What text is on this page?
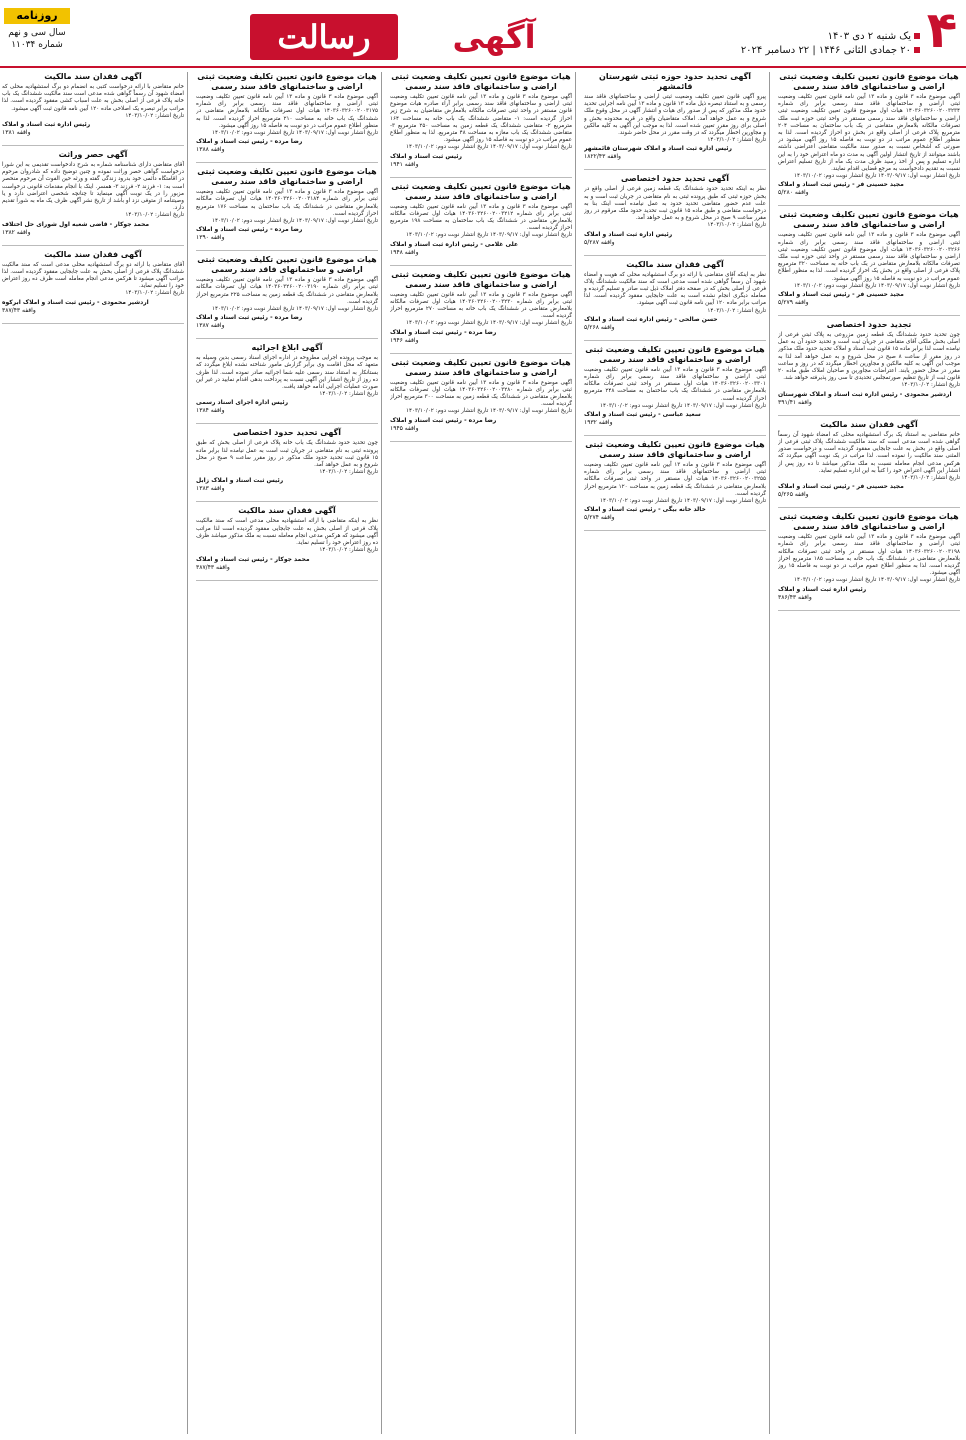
۴
یک شنبه ۲ دی ۱۴۰۳
۲۰ جمادی الثانی ۱۴۴۶ | ۲۲ دسامبر ۲۰۲۴
آگهی
رسالت
روزنامه
سال سی و نهم
شماره ۱۱۰۳۴
هیات موضوع قانون تعیین تکلیف وضعیت ثبتی اراضی و ساختمانهای فاقد سند رسمی

آگهی موضوع ماده ۳ قانون و ماده ۱۳ آیین نامه قانون تعیین تکلیف وضعیت ثبتی اراضی و ساختمانهای فاقد سند رسمی برابر رای شماره ۱۴۰۳۶۰۳۲۶۰۰۲۰۰۳۲۳۴ هیات اول موضوع قانون تعیین تکلیف وضعیت ثبتی اراضی و ساختمانهای فاقد سند رسمی مستقر در واحد ثبتی حوزه ثبت ملک تصرفات مالکانه بلامعارض متقاضی در یک باب ساختمان به مساحت ۲۰۴ مترمربع پلاک فرعی از اصلی واقع در بخش دو احراز گردیده است. لذا به منظور اطلاع عموم مراتب در دو نوبت به فاصله ۱۵ روز آگهی میشود در صورتی که اشخاص نسبت به صدور سند مالکیت متقاضی اعتراضی داشته باشند میتوانند از تاریخ انتشار اولین آگهی به مدت دو ماه اعتراض خود را به این اداره تسلیم و پس از اخذ رسید ظرف مدت یک ماه از تاریخ تسلیم اعتراض نسبت به تقدیم دادخواست به مرجع قضایی اقدام نمایند.

تاریخ انتشار نوبت اول: ۱۴۰۳/۰۹/۱۷ تاریخ انتشار نوبت دوم: ۱۴۰۳/۱۰/۰۲

مجید حسینی فر - رئیس ثبت اسناد و املاک
واقفه ۵/۲۸۰
هیات موضوع قانون تعیین تکلیف وضعیت ثبتی اراضی و ساختمانهای فاقد سند رسمی

آگهی موضوع ماده ۳ قانون و ماده ۱۳ آیین نامه قانون تعیین تکلیف وضعیت ثبتی اراضی و ساختمانهای فاقد سند رسمی برابر رای شماره ۱۴۰۳۶۰۳۲۶۰۰۲۰۰۳۲۶۶ هیات اول موضوع قانون تعیین تکلیف وضعیت ثبتی اراضی و ساختمانهای فاقد سند رسمی مستقر در واحد ثبتی حوزه ثبت ملک تصرفات مالکانه بلامعارض متقاضی در یک باب خانه به مساحت ۳۲۰ مترمربع پلاک فرعی از اصلی واقع در بخش یک احراز گردیده است. لذا به منظور اطلاع عموم مراتب در دو نوبت به فاصله ۱۵ روز آگهی میشود.

تاریخ انتشار نوبت اول: ۱۴۰۳/۰۹/۱۷ تاریخ انتشار نوبت دوم: ۱۴۰۳/۱۰/۰۲

مجید حسینی فر - رئیس ثبت اسناد و املاک
واقفه ۵/۲۷۹
تجدید حدود اختصاصی

چون تحدید حدود ششدانگ یک قطعه زمین مزروعی به پلاک ثبتی فرعی از اصلی بخش ملکی آقای متقاضی در جریان ثبت است و تحدید حدود آن به عمل نیامده است لذا برابر ماده ۱۵ قانون ثبت اسناد و املاک تحدید حدود ملک مذکور در روز مقرر از ساعت ۸ صبح در محل شروع و به عمل خواهد آمد لذا به موجب این آگهی به کلیه مالکین و مجاورین اخطار میگردد که در روز و ساعت مقرر در محل حضور یابند. اعتراضات مجاورین و صاحبان املاک طبق ماده ۲۰ قانون ثبت از تاریخ تنظیم صورتمجلس تحدیدی تا سی روز پذیرفته خواهد شد.

تاریخ انتشار: ۱۴۰۳/۱۰/۰۲

اردشیر محمودی - رئیس اداره ثبت اسناد و املاک شهرستان
واقفه ۳۹۱/۴۱
آگهی فقدان سند مالکیت

خانم متقاضی به استناد یک برگ استشهادیه محلی که امضاء شهود آن رسماً گواهی شده است مدعی است که سند مالکیت ششدانگ پلاک ثبتی فرعی از اصلی واقع در بخش به علت جابجایی مفقود گردیده است و درخواست صدور المثنی سند مالکیت را نموده است. لذا مراتب در یک نوبت آگهی میگردد که هرکس مدعی انجام معامله نسبت به ملک مذکور میباشد تا ده روز پس از انتشار این آگهی اعتراض خود را کتباً به این اداره تسلیم نماید.

تاریخ انتشار: ۱۴۰۳/۱۰/۰۲

مجید حسینی فر - رئیس ثبت اسناد و املاک
واقفه ۵/۲۶۵
هیات موضوع قانون تعیین تکلیف وضعیت ثبتی اراضی و ساختمانهای فاقد سند رسمی

آگهی موضوع ماده ۳ قانون و ماده ۱۳ آیین نامه قانون تعیین تکلیف وضعیت ثبتی اراضی و ساختمانهای فاقد سند رسمی برابر رای شماره ۱۴۰۳۶۰۳۲۶۰۰۲۰۰۳۱۹۸ هیات اول مستقر در واحد ثبتی تصرفات مالکانه بلامعارض متقاضی در ششدانگ یک باب خانه به مساحت ۱۸۵ مترمربع احراز گردیده است. لذا به منظور اطلاع عموم مراتب در دو نوبت به فاصله ۱۵ روز آگهی میشود.

تاریخ انتشار نوبت اول: ۱۴۰۳/۰۹/۱۷ تاریخ انتشار نوبت دوم: ۱۴۰۳/۱۰/۰۲

رئیس اداره ثبت اسناد و املاک
واقفه ۳۸۶/۴۳
آگهی تحدید حدود حوزه ثبتی شهرستان قائمشهر

پیرو آگهی قانون تعیین تکلیف وضعیت ثبتی اراضی و ساختمانهای فاقد سند رسمی و به استناد تبصره ذیل ماده ۱۳ قانون و ماده ۱۳ آیین نامه اجرایی تحدید حدود ملک مذکور که پس از صدور رای هیات و انتشار آگهی در محل وقوع ملک شروع و به عمل خواهد آمد. املاک متقاضیان واقع در قریه محدوده بخش و اصلی برای روز مقرر تعیین شده است. لذا به موجب این آگهی به کلیه مالکین و مجاورین اخطار میگردد که در وقت مقرر در محل حاضر شوند.

تاریخ انتشار: ۱۴۰۳/۱۰/۰۲

رئیس اداره ثبت اسناد و املاک شهرستان قائمشهر
واقفه ۱۸۲۲/۴۳
آگهی تحدید حدود اختصاصی

نظر به اینکه تحدید حدود ششدانگ یک قطعه زمین فرعی از اصلی واقع در بخش حوزه ثبتی که طبق پرونده ثبتی به نام متقاضی در جریان ثبت است و به علت عدم حضور متقاضی تحدید حدود به عمل نیامده است اینک بنا به درخواست متقاضی و طبق ماده ۱۵ قانون ثبت تحدید حدود ملک مرقوم در روز مقرر ساعت ۹ صبح در محل شروع و به عمل خواهد آمد.

تاریخ انتشار: ۱۴۰۳/۱۰/۰۲

رئیس اداره ثبت اسناد و املاک
واقفه ۵/۲۸۷
آگهی فقدان سند مالکیت

نظر به اینکه آقای متقاضی با ارائه دو برگ استشهادیه محلی که هویت و امضاء شهود آن رسماً گواهی شده است مدعی است که سند مالکیت ششدانگ پلاک فرعی از اصلی بخش که در صفحه دفتر املاک ذیل ثبت صادر و تسلیم گردیده و معامله دیگری انجام نشده است به علت جابجایی مفقود گردیده است. لذا مراتب برابر ماده ۱۲۰ آیین نامه قانون ثبت آگهی میشود.

تاریخ انتشار: ۱۴۰۳/۱۰/۰۲

حسن صالحی - رئیس اداره ثبت اسناد و املاک
واقفه ۵/۲۶۸
هیات موضوع قانون تعیین تکلیف وضعیت ثبتی اراضی و ساختمانهای فاقد سند رسمی

آگهی موضوع ماده ۳ قانون و ماده ۱۳ آیین نامه قانون تعیین تکلیف وضعیت ثبتی اراضی و ساختمانهای فاقد سند رسمی برابر رای شماره ۱۴۰۳۶۰۳۲۶۰۰۲۰۰۳۳۰۱ هیات اول مستقر در واحد ثبتی تصرفات مالکانه بلامعارض متقاضی در ششدانگ یک باب ساختمان به مساحت ۲۴۸ مترمربع احراز گردیده است.

تاریخ انتشار نوبت اول: ۱۴۰۳/۰۹/۱۷ تاریخ انتشار نوبت دوم: ۱۴۰۳/۱۰/۰۲

سعید عباسی - رئیس ثبت اسناد و املاک
واقفه ۱۹۳۲
هیات موضوع قانون تعیین تکلیف وضعیت ثبتی اراضی و ساختمانهای فاقد سند رسمی

آگهی موضوع ماده ۳ قانون و ماده ۱۳ آیین نامه قانون تعیین تکلیف وضعیت ثبتی اراضی و ساختمانهای فاقد سند رسمی برابر رای شماره ۱۴۰۳۶۰۳۲۶۰۰۲۰۰۳۲۵۵ هیات اول مستقر در واحد ثبتی تصرفات مالکانه بلامعارض متقاضی در ششدانگ یک قطعه زمین به مساحت ۱۲۰ مترمربع احراز گردیده است.

تاریخ انتشار نوبت اول: ۱۴۰۳/۰۹/۱۷ تاریخ انتشار نوبت دوم: ۱۴۰۳/۱۰/۰۲

خالد خانه بیگی - رئیس ثبت اسناد و املاک
واقفه ۵/۲۷۴
هیات موضوع قانون تعیین تکلیف وضعیت ثبتی اراضی و ساختمانهای فاقد سند رسمی

آگهی موضوع ماده ۳ قانون و ماده ۱۳ آیین نامه قانون تعیین تکلیف وضعیت ثبتی اراضی و ساختمانهای فاقد سند رسمی برابر آراء صادره هیات موضوع قانون مستقر در واحد ثبتی تصرفات مالکانه بلامعارض متقاضیان به شرح زیر احراز گردیده است: ۱- متقاضی ششدانگ یک باب خانه به مساحت ۱۶۴ مترمربع ۲- متقاضی ششدانگ یک قطعه زمین به مساحت ۲۵۰ مترمربع ۳- متقاضی ششدانگ یک باب مغازه به مساحت ۴۸ مترمربع. لذا به منظور اطلاع عموم مراتب در دو نوبت به فاصله ۱۵ روز آگهی میشود.

تاریخ انتشار نوبت اول: ۱۴۰۳/۰۹/۱۷ تاریخ انتشار نوبت دوم: ۱۴۰۳/۱۰/۰۲

رئیس ثبت اسناد و املاک
واقفه ۱۹۴۱
هیات موضوع قانون تعیین تکلیف وضعیت ثبتی اراضی و ساختمانهای فاقد سند رسمی

آگهی موضوع ماده ۳ قانون و ماده ۱۳ آیین نامه قانون تعیین تکلیف وضعیت ثبتی برابر رای شماره ۱۴۰۳۶۰۳۲۶۰۰۲۰۰۳۲۱۲ هیات اول تصرفات مالکانه بلامعارض متقاضی در ششدانگ یک باب ساختمان به مساحت ۱۹۸ مترمربع احراز گردیده است.

تاریخ انتشار نوبت اول: ۱۴۰۳/۰۹/۱۷ تاریخ انتشار نوبت دوم: ۱۴۰۳/۱۰/۰۲

علی غلامی - رئیس اداره ثبت اسناد و املاک
واقفه ۱۹۴۸
هیات موضوع قانون تعیین تکلیف وضعیت ثبتی اراضی و ساختمانهای فاقد سند رسمی

آگهی موضوع ماده ۳ قانون و ماده ۱۳ آیین نامه قانون تعیین تکلیف وضعیت ثبتی برابر رای شماره ۱۴۰۳۶۰۳۲۶۰۰۲۰۰۳۲۳۰ هیات اول تصرفات مالکانه بلامعارض متقاضی در ششدانگ یک باب خانه به مساحت ۲۷۰ مترمربع احراز گردیده است.

تاریخ انتشار نوبت اول: ۱۴۰۳/۰۹/۱۷ تاریخ انتشار نوبت دوم: ۱۴۰۳/۱۰/۰۲

رضا مرده - رئیس ثبت اسناد و املاک
واقفه ۱۹۴۶
هیات موضوع قانون تعیین تکلیف وضعیت ثبتی اراضی و ساختمانهای فاقد سند رسمی

آگهی موضوع ماده ۳ قانون و ماده ۱۳ آیین نامه قانون تعیین تکلیف وضعیت ثبتی برابر رای شماره ۱۴۰۳۶۰۳۲۶۰۰۲۰۰۳۲۸۰ هیات اول تصرفات مالکانه بلامعارض متقاضی در ششدانگ یک قطعه زمین به مساحت ۳۰۰ مترمربع احراز گردیده است.

تاریخ انتشار نوبت اول: ۱۴۰۳/۰۹/۱۷ تاریخ انتشار نوبت دوم: ۱۴۰۳/۱۰/۰۲

رضا مرده - رئیس ثبت اسناد و املاک
واقفه ۱۹۴۵
هیات موضوع قانون تعیین تکلیف وضعیت ثبتی اراضی و ساختمانهای فاقد سند رسمی

آگهی موضوع ماده ۳ قانون و ماده ۱۳ آیین نامه قانون تعیین تکلیف وضعیت ثبتی اراضی و ساختمانهای فاقد سند رسمی برابر رای شماره ۱۴۰۳۶۰۳۲۶۰۰۲۰۰۳۱۷۵ هیات اول تصرفات مالکانه بلامعارض متقاضی در ششدانگ یک باب خانه به مساحت ۲۱۰ مترمربع احراز گردیده است. لذا به منظور اطلاع عموم مراتب در دو نوبت به فاصله ۱۵ روز آگهی میشود.

تاریخ انتشار نوبت اول: ۱۴۰۳/۰۹/۱۷ تاریخ انتشار نوبت دوم: ۱۴۰۳/۱۰/۰۲

رضا مرده - رئیس ثبت اسناد و املاک
واقفه ۱۳۸۸
هیات موضوع قانون تعیین تکلیف وضعیت ثبتی اراضی و ساختمانهای فاقد سند رسمی

آگهی موضوع ماده ۳ قانون و ماده ۱۳ آیین نامه قانون تعیین تکلیف وضعیت ثبتی برابر رای شماره ۱۴۰۳۶۰۳۲۶۰۰۲۰۰۳۱۸۴ هیات اول تصرفات مالکانه بلامعارض متقاضی در ششدانگ یک باب ساختمان به مساحت ۱۷۶ مترمربع احراز گردیده است.

تاریخ انتشار نوبت اول: ۱۴۰۳/۰۹/۱۷ تاریخ انتشار نوبت دوم: ۱۴۰۳/۱۰/۰۲

رضا مرده - رئیس ثبت اسناد و املاک
واقفه ۱۳۹۰
هیات موضوع قانون تعیین تکلیف وضعیت ثبتی اراضی و ساختمانهای فاقد سند رسمی

آگهی موضوع ماده ۳ قانون و ماده ۱۳ آیین نامه قانون تعیین تکلیف وضعیت ثبتی برابر رای شماره ۱۴۰۳۶۰۳۲۶۰۰۲۰۰۳۱۹۰ هیات اول تصرفات مالکانه بلامعارض متقاضی در ششدانگ یک قطعه زمین به مساحت ۲۲۵ مترمربع احراز گردیده است.

تاریخ انتشار نوبت اول: ۱۴۰۳/۰۹/۱۷ تاریخ انتشار نوبت دوم: ۱۴۰۳/۱۰/۰۲

رضا مرده - رئیس ثبت اسناد و املاک
واقفه ۱۳۸۷
آگهی ابلاغ اجرائیه

به موجب پرونده اجرایی مطروحه در اداره اجرای اسناد رسمی بدین وسیله به متعهد که محل اقامت وی برابر گزارش مامور شناخته نشده ابلاغ میگردد که بستانکار به استناد سند رسمی علیه شما اجرائیه صادر نموده است. لذا ظرف ده روز از تاریخ انتشار این آگهی نسبت به پرداخت بدهی اقدام نمایید در غیر این صورت عملیات اجرایی ادامه خواهد یافت.

تاریخ انتشار: ۱۴۰۳/۱۰/۰۲

رئیس اداره اجرای اسناد رسمی
واقفه ۱۳۸۴
آگهی تحدید حدود اختصاصی

چون تحدید حدود ششدانگ یک باب خانه پلاک فرعی از اصلی بخش که طبق پرونده ثبتی به نام متقاضی در جریان ثبت است به عمل نیامده لذا برابر ماده ۱۵ قانون ثبت تحدید حدود ملک مذکور در روز مقرر ساعت ۹ صبح در محل شروع و به عمل خواهد آمد.

تاریخ انتشار: ۱۴۰۳/۱۰/۰۲

رئیس ثبت اسناد و املاک زابل
واقفه ۱۳۸۳
آگهی فقدان سند مالکیت

نظر به اینکه متقاضی با ارائه استشهادیه محلی مدعی است که سند مالکیت پلاک فرعی از اصلی بخش به علت جابجایی مفقود گردیده است لذا مراتب آگهی میشود که هرکس مدعی انجام معامله نسبت به ملک مذکور میباشد ظرف ده روز اعتراض خود را تسلیم نماید.

تاریخ انتشار: ۱۴۰۳/۱۰/۰۲

محمد جوکار - رئیس ثبت اسناد و املاک
واقفه ۳۸۷/۴۳
آگهی فقدان سند مالکیت

خانم متقاضی با ارائه درخواست کتبی به انضمام دو برگ استشهادیه محلی که امضاء شهود آن رسماً گواهی شده مدعی است سند مالکیت ششدانگ یک باب خانه پلاک فرعی از اصلی بخش به علت اسباب کشی مفقود گردیده است. لذا مراتب برابر تبصره یک اصلاحی ماده ۱۲۰ آیین نامه قانون ثبت آگهی میشود.

تاریخ انتشار: ۱۴۰۳/۱۰/۰۲

رئیس اداره ثبت اسناد و املاک
واقفه ۱۳۸۱
آگهی حصر وراثت

آقای متقاضی دارای شناسنامه شماره به شرح دادخواست تقدیمی به این شورا درخواست گواهی حصر وراثت نموده و چنین توضیح داده که شادروان مرحوم در اقامتگاه دائمی خود بدرود زندگی گفته و ورثه حین الفوت آن مرحوم منحصر است به: ۱- فرزند ۲- فرزند ۳- همسر. اینک با انجام مقدمات قانونی درخواست مزبور را در یک نوبت آگهی مینماید تا چنانچه شخصی اعتراضی دارد و یا وصیتنامه از متوفی نزد او باشد از تاریخ نشر آگهی ظرف یک ماه به شورا تقدیم دارد.

تاریخ انتشار: ۱۴۰۳/۱۰/۰۲

محمد جوکار - قاضی شعبه اول شورای حل اختلاف
واقفه ۱۳۸۲
آگهی فقدان سند مالکیت

آقای متقاضی با ارائه دو برگ استشهادیه محلی مدعی است که سند مالکیت ششدانگ پلاک فرعی از اصلی بخش به علت جابجایی مفقود گردیده است. لذا مراتب آگهی میشود تا هرکس مدعی انجام معامله است ظرف ده روز اعتراض خود را تسلیم نماید.

تاریخ انتشار: ۱۴۰۳/۱۰/۰۲

اردشیر محمودی - رئیس ثبت اسناد و املاک ابرکوه
واقفه ۳۸۷/۴۳
